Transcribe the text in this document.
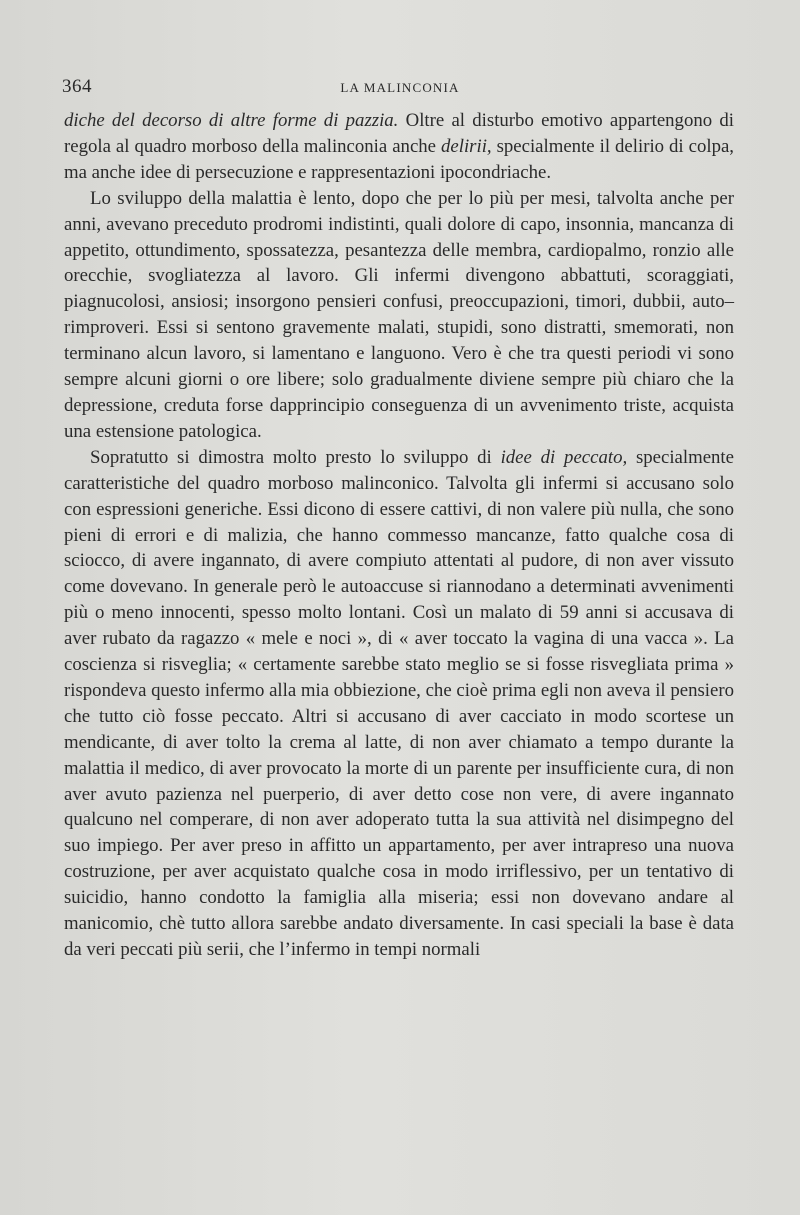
364	LA MALINCONIA

diche del decorso di altre forme di pazzia. Oltre al disturbo emotivo appartengono di regola al quadro morboso della malinconia anche delirii, specialmente il delirio di colpa, ma anche idee di persecuzione e rappresentazioni ipocondriache.

Lo sviluppo della malattia è lento, dopo che per lo più per mesi, talvolta anche per anni, avevano preceduto prodromi indistinti, quali dolore di capo, insonnia, mancanza di appetito, ottundimento, spossatezza, pesantezza delle membra, cardiopalmo, ronzio alle orecchie, svogliatezza al lavoro. Gli infermi divengono abbattuti, scoraggiati, piagnucolosi, ansiosi; insorgono pensieri confusi, preoccupazioni, timori, dubbii, auto–rimproveri. Essi si sentono gravemente malati, stupidi, sono distratti, smemorati, non terminano alcun lavoro, si lamentano e languono. Vero è che tra questi periodi vi sono sempre alcuni giorni o ore libere; solo gradualmente diviene sempre più chiaro che la depressione, creduta forse dapprincipio conseguenza di un avvenimento triste, acquista una estensione patologica.

Sopratutto si dimostra molto presto lo sviluppo di idee di peccato, specialmente caratteristiche del quadro morboso malinconico. Talvolta gli infermi si accusano solo con espressioni generiche. Essi dicono di essere cattivi, di non valere più nulla, che sono pieni di errori e di malizia, che hanno commesso mancanze, fatto qualche cosa di sciocco, di avere ingannato, di avere compiuto attentati al pudore, di non aver vissuto come dovevano. In generale però le autoaccuse si riannodano a determinati avvenimenti più o meno innocenti, spesso molto lontani. Così un malato di 59 anni si accusava di aver rubato da ragazzo « mele e noci », di « aver toccato la vagina di una vacca ». La coscienza si risveglia; « certamente sarebbe stato meglio se si fosse risvegliata prima » rispondeva questo infermo alla mia obbiezione, che cioè prima egli non aveva il pensiero che tutto ciò fosse peccato. Altri si accusano di aver cacciato in modo scortese un mendicante, di aver tolto la crema al latte, di non aver chiamato a tempo durante la malattia il medico, di aver provocato la morte di un parente per insufficiente cura, di non aver avuto pazienza nel puerperio, di aver detto cose non vere, di avere ingannato qualcuno nel comperare, di non aver adoperato tutta la sua attività nel disimpegno del suo impiego. Per aver preso in affitto un appartamento, per aver intrapreso una nuova costruzione, per aver acquistato qualche cosa in modo irriflessivo, per un tentativo di suicidio, hanno condotto la famiglia alla miseria; essi non dovevano andare al manicomio, chè tutto allora sarebbe andato diversamente. In casi speciali la base è data da veri peccati più serii, che l’infermo in tempi normali
